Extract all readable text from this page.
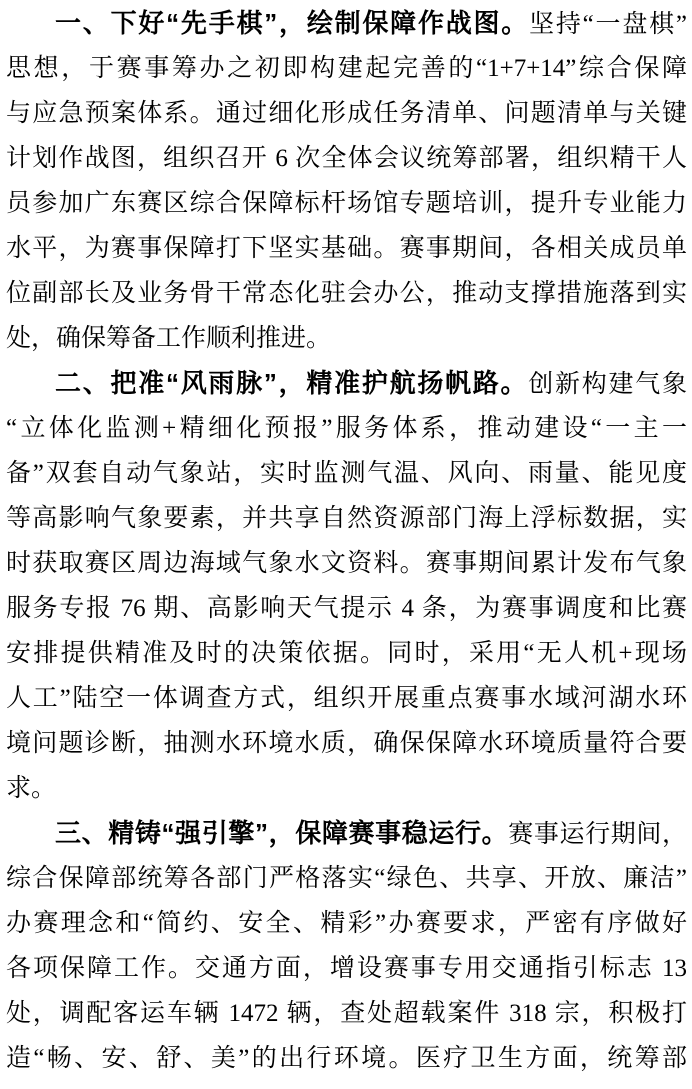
一、下好“先手棋”，绘制保障作战图。坚持“一盘棋”
思想，于赛事筹办之初即构建起完善的“1+7+14”综合保障
与应急预案体系。通过细化形成任务清单、问题清单与关键
计划作战图，组织召开 6 次全体会议统筹部署，组织精干人
员参加广东赛区综合保障标杆场馆专题培训，提升专业能力
水平，为赛事保障打下坚实基础。赛事期间，各相关成员单
位副部长及业务骨干常态化驻会办公，推动支撑措施落到实
处，确保筹备工作顺利推进。
二、把准“风雨脉”，精准护航扬帆路。创新构建气象
“立体化监测+精细化预报”服务体系，推动建设“一主一
备”双套自动气象站，实时监测气温、风向、雨量、能见度
等高影响气象要素，并共享自然资源部门海上浮标数据，实
时获取赛区周边海域气象水文资料。赛事期间累计发布气象
服务专报 76 期、高影响天气提示 4 条，为赛事调度和比赛
安排提供精准及时的决策依据。同时，采用“无人机+现场
人工”陆空一体调查方式，组织开展重点赛事水域河湖水环
境问题诊断，抽测水环境水质，确保保障水环境质量符合要
求。
三、精铸“强引擎”，保障赛事稳运行。赛事运行期间，
综合保障部统筹各部门严格落实“绿色、共享、开放、廉洁”
办赛理念和“简约、安全、精彩”办赛要求，严密有序做好
各项保障工作。交通方面，增设赛事专用交通指引标志 13
处，调配客运车辆 1472 辆，查处超载案件 318 宗，积极打
造“畅、安、舒、美”的出行环境。医疗卫生方面，统筹部
